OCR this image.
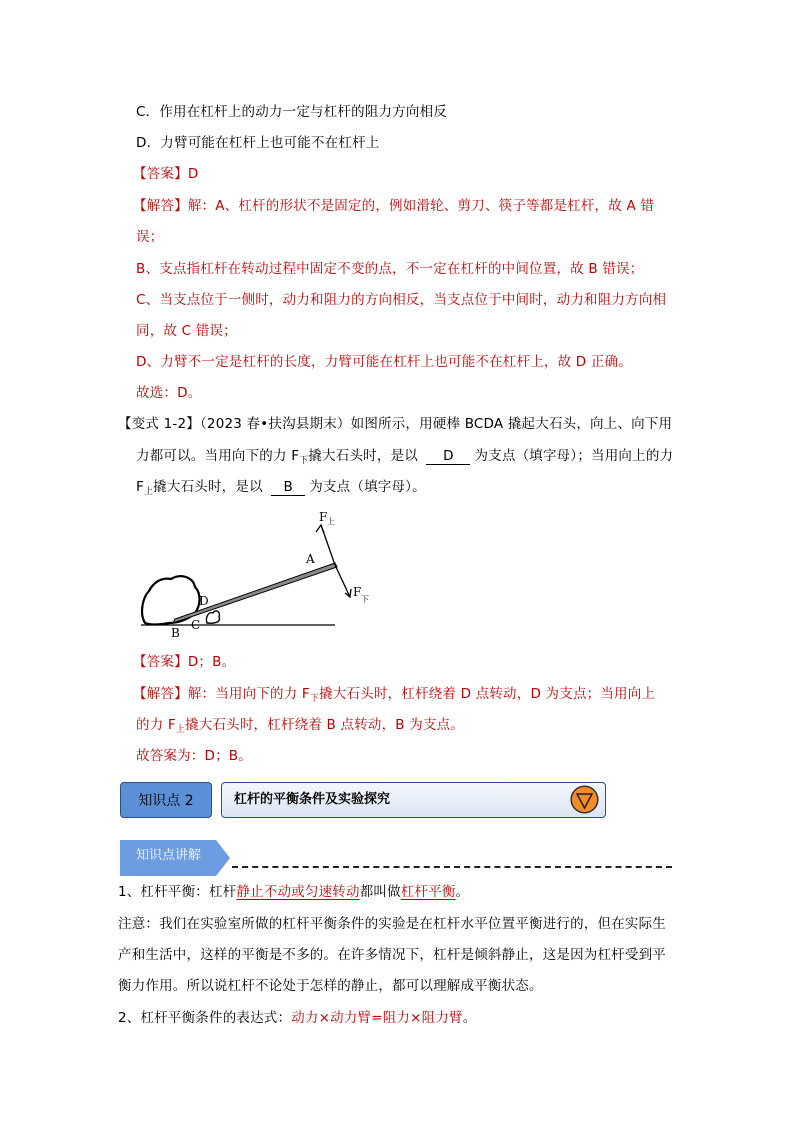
C．作用在杠杆上的动力一定与杠杆的阻力方向相反
D．力臂可能在杠杆上也可能不在杠杆上
【答案】D
【解答】解：A、杠杆的形状不是固定的，例如滑轮、剪刀、筷子等都是杠杆，故 A 错
误；
B、支点指杠杆在转动过程中固定不变的点，不一定在杠杆的中间位置，故 B 错误；
C、当支点位于一侧时，动力和阻力的方向相反，当支点位于中间时，动力和阻力方向相
同，故 C 错误；
D、力臂不一定是杠杆的长度，力臂可能在杠杆上也可能不在杠杆上，故 D 正确。
故选：D。
【变式 1-2】（2023 春•扶沟县期末）如图所示，用硬棒 BCDA 撬起大石头，向上、向下用
力都可以。当用向下的力 $F_下$撬大石头时，是以 D 为支点（填字母）；当用向上的力
$F_上$撬大石头时，是以 B 为支点（填字母）。
F 上
A
D
F
下
B
C
【答案】D；B。
【解答】解：当用向下的力 $F_下$撬大石头时，杠杆绕着 D 点转动，D 为支点；当用向上
的力 $F_上$撬大石头时，杠杆绕着 B 点转动，B 为支点。
故答案为：D；B。
知识点 2	杠杆的平衡条件及实验探究
知识点讲解
1、杠杆平衡：杠杆静止不动或匀速转动都叫做杠杆平衡。
注意：我们在实验室所做的杠杆平衡条件的实验是在杠杆水平位置平衡进行的，但在实际生
产和生活中，这样的平衡是不多的。在许多情况下，杠杆是倾斜静止，这是因为杠杆受到平
衡力作用。所以说杠杆不论处于怎样的静止，都可以理解成平衡状态。
2、杠杆平衡条件的表达式：动力×动力臂=阻力×阻力臂。
